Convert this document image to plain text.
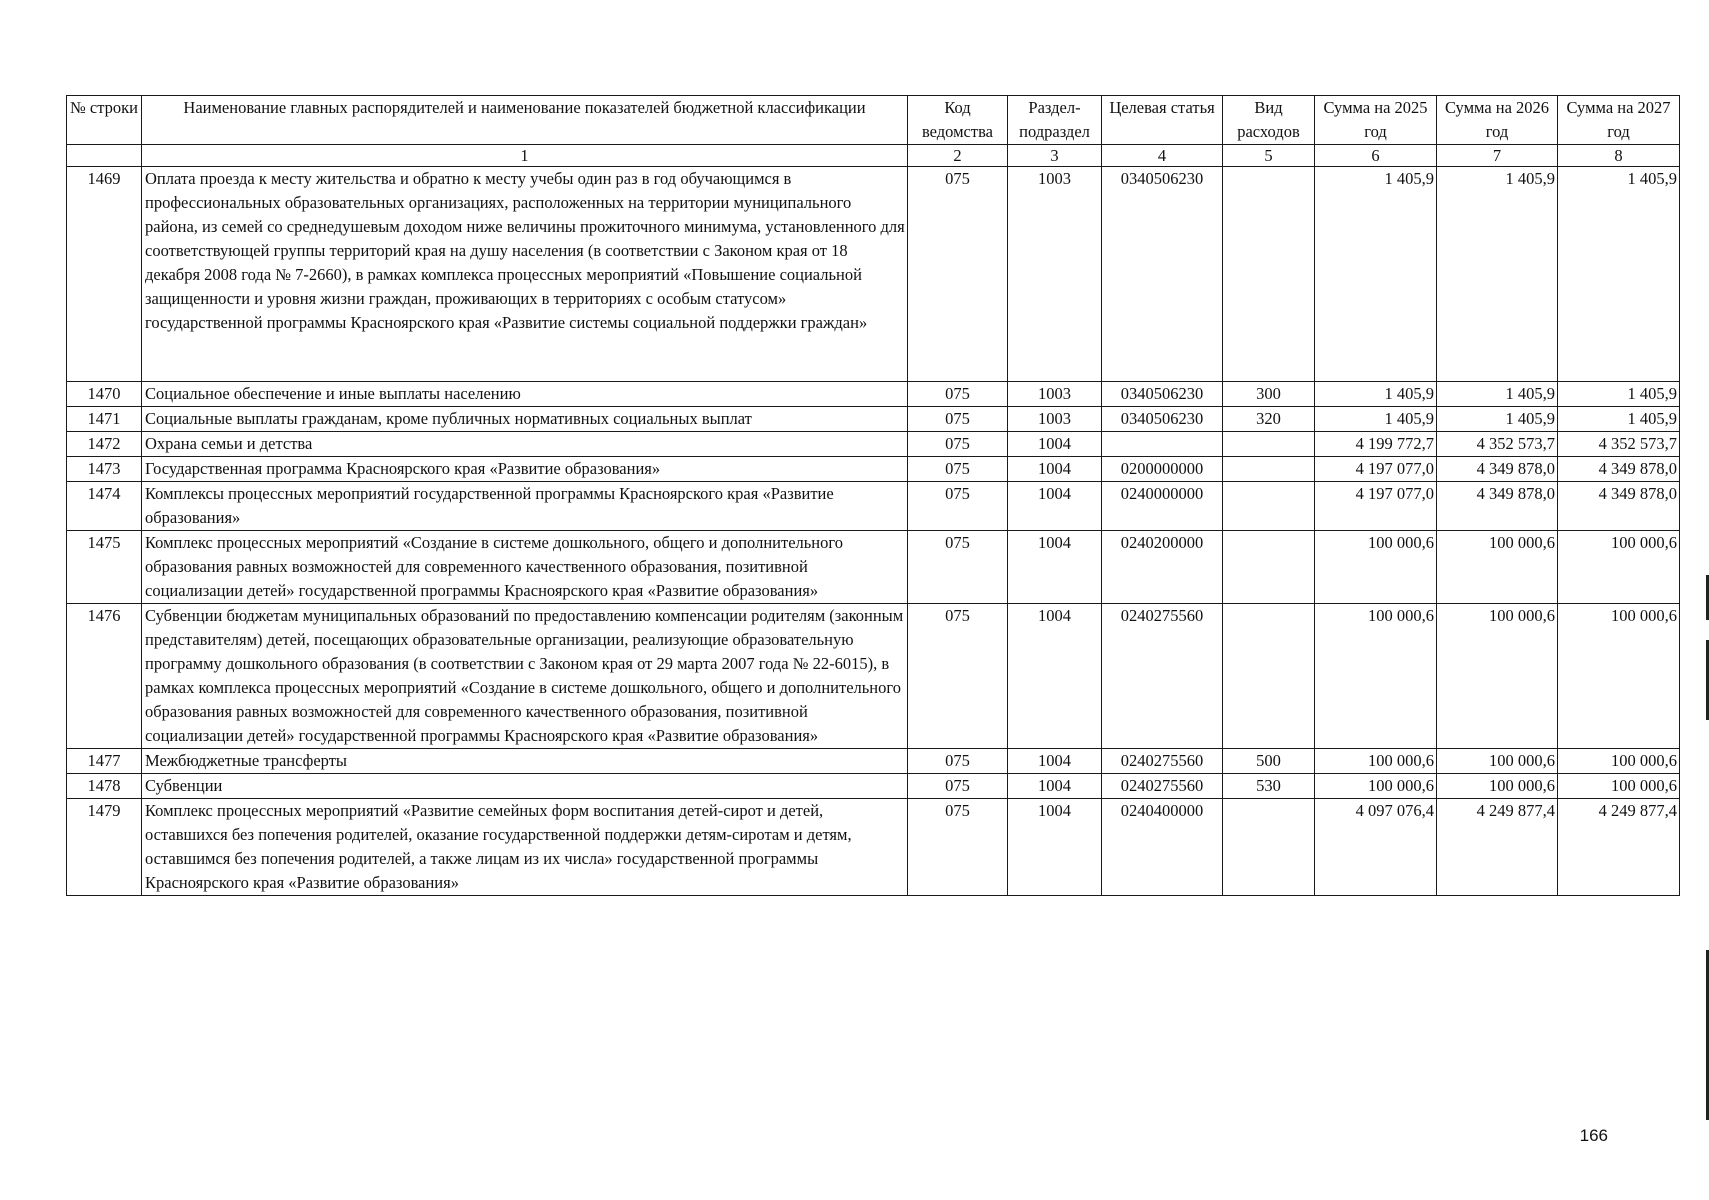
№ строки	Наименование главных распорядителей и наименование показателей бюджетной классификации	Код ведомства	Раздел-подраздел	Целевая статья	Вид расходов	Сумма на 2025 год	Сумма на 2026 год	Сумма на 2027 год
	1	2	3	4	5	6	7	8
1469	Оплата проезда к месту жительства и обратно к месту учебы один раз в год обучающимся в профессиональных образовательных организациях, расположенных на территории муниципального района, из семей со среднедушевым доходом ниже величины прожиточного минимума, установленного для соответствующей группы территорий края на душу населения (в соответствии с Законом края от 18 декабря 2008 года № 7-2660), в рамках комплекса процессных мероприятий «Повышение социальной защищенности и уровня жизни граждан, проживающих в территориях с особым статусом» государственной программы Красноярского края «Развитие системы социальной поддержки граждан»	075	1003	0340506230		1 405,9	1 405,9	1 405,9
1470	Социальное обеспечение и иные выплаты населению	075	1003	0340506230	300	1 405,9	1 405,9	1 405,9
1471	Социальные выплаты гражданам, кроме публичных нормативных социальных выплат	075	1003	0340506230	320	1 405,9	1 405,9	1 405,9
1472	Охрана семьи и детства	075	1004			4 199 772,7	4 352 573,7	4 352 573,7
1473	Государственная программа Красноярского края «Развитие образования»	075	1004	0200000000		4 197 077,0	4 349 878,0	4 349 878,0
1474	Комплексы процессных мероприятий государственной программы Красноярского края «Развитие образования»	075	1004	0240000000		4 197 077,0	4 349 878,0	4 349 878,0
1475	Комплекс процессных мероприятий «Создание в системе дошкольного, общего и дополнительного образования равных возможностей для современного качественного образования, позитивной социализации детей» государственной программы Красноярского края «Развитие образования»	075	1004	0240200000		100 000,6	100 000,6	100 000,6
1476	Субвенции бюджетам муниципальных образований по предоставлению компенсации родителям (законным представителям) детей, посещающих образовательные организации, реализующие образовательную программу дошкольного образования (в соответствии с Законом края от 29 марта 2007 года № 22-6015), в рамках комплекса процессных мероприятий «Создание в системе дошкольного, общего и дополнительного образования равных возможностей для современного качественного образования, позитивной социализации детей» государственной программы Красноярского края «Развитие образования»	075	1004	0240275560		100 000,6	100 000,6	100 000,6
1477	Межбюджетные трансферты	075	1004	0240275560	500	100 000,6	100 000,6	100 000,6
1478	Субвенции	075	1004	0240275560	530	100 000,6	100 000,6	100 000,6
1479	Комплекс процессных мероприятий «Развитие семейных форм воспитания детей-сирот и детей, оставшихся без попечения родителей, оказание государственной поддержки детям-сиротам и детям, оставшимся без попечения родителей, а также лицам из их числа» государственной программы Красноярского края «Развитие образования»	075	1004	0240400000		4 097 076,4	4 249 877,4	4 249 877,4
166
